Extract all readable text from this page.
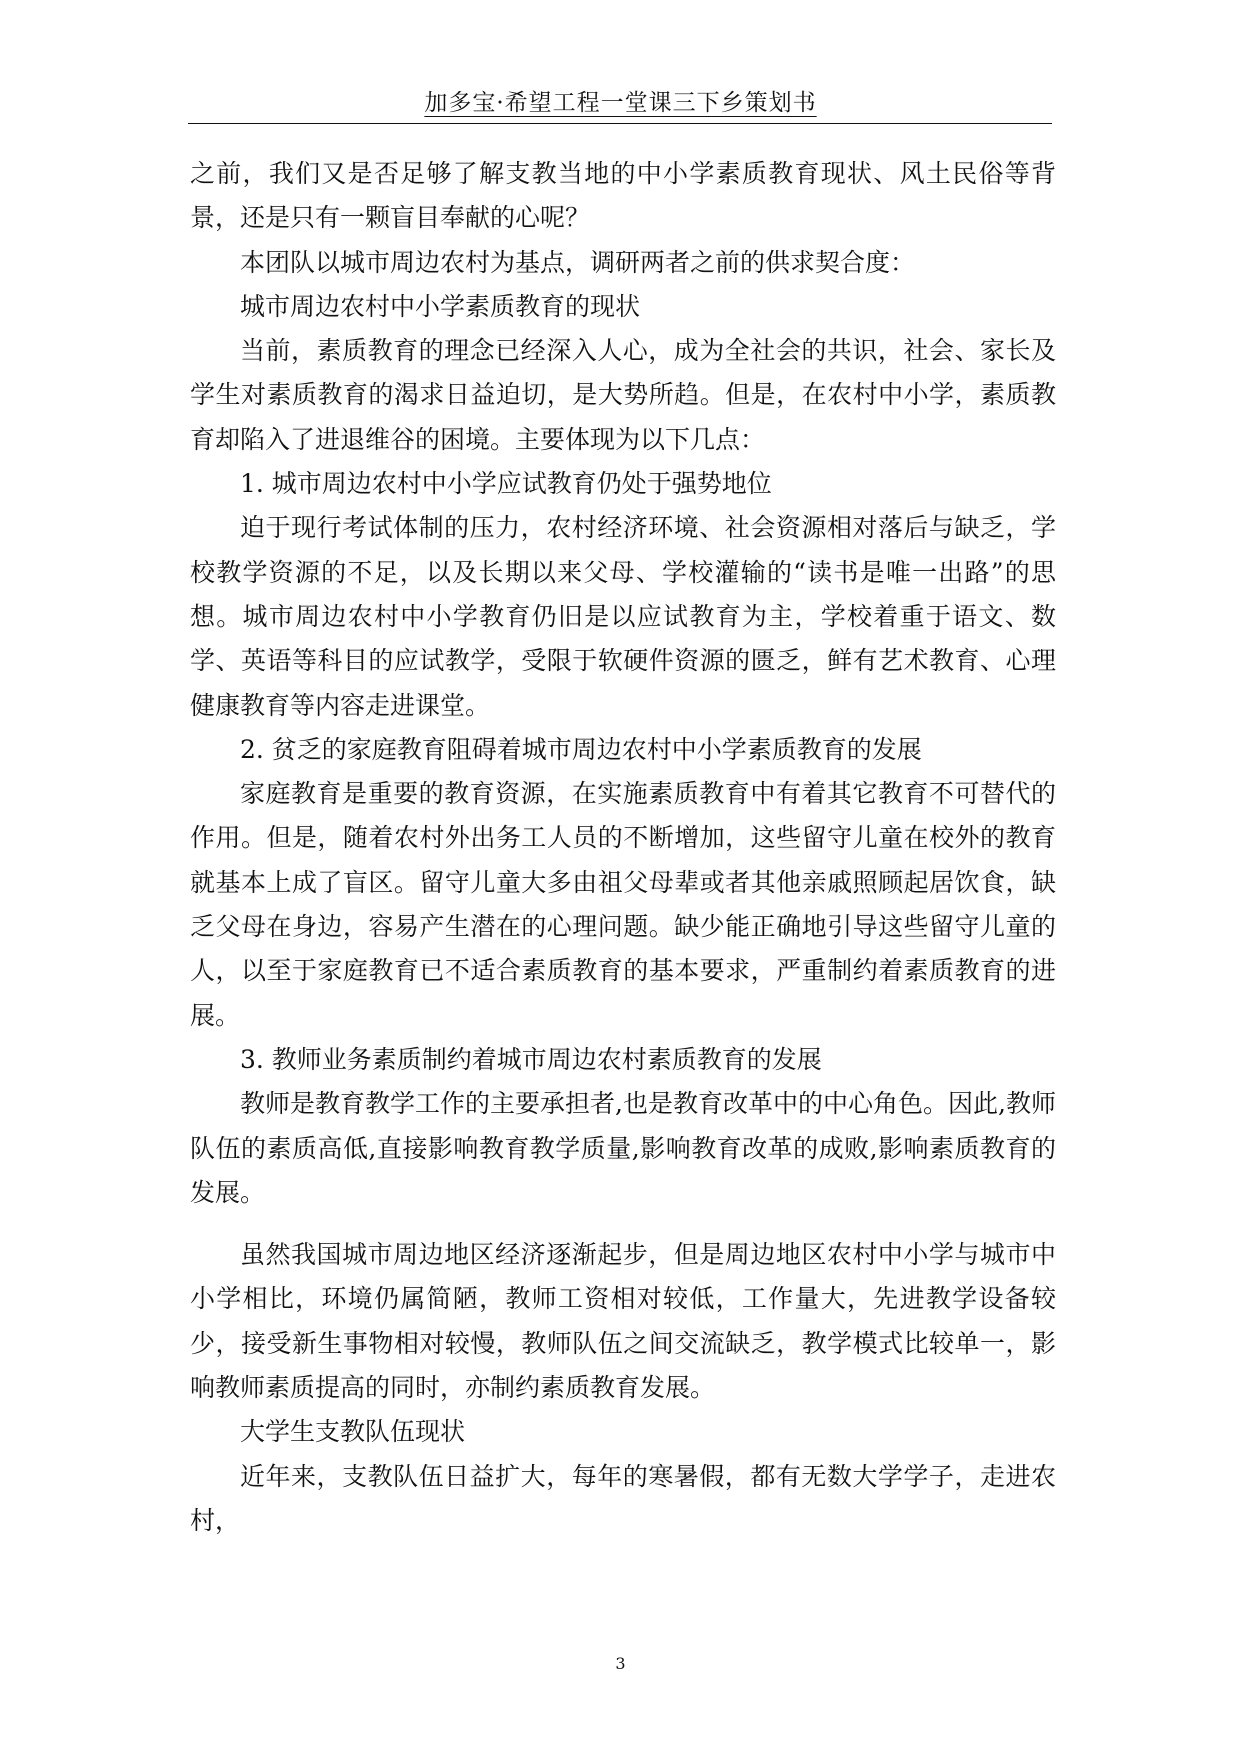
加多宝·希望工程一堂课三下乡策划书

之前，我们又是否足够了解支教当地的中小学素质教育现状、风土民俗等背景，还是只有一颗盲目奉献的心呢？

本团队以城市周边农村为基点，调研两者之前的供求契合度：

城市周边农村中小学素质教育的现状

当前，素质教育的理念已经深入人心，成为全社会的共识，社会、家长及学生对素质教育的渴求日益迫切，是大势所趋。但是，在农村中小学，素质教育却陷入了进退维谷的困境。主要体现为以下几点：

1. 城市周边农村中小学应试教育仍处于强势地位

迫于现行考试体制的压力，农村经济环境、社会资源相对落后与缺乏，学校教学资源的不足，以及长期以来父母、学校灌输的“读书是唯一出路”的思想。城市周边农村中小学教育仍旧是以应试教育为主，学校着重于语文、数学、英语等科目的应试教学，受限于软硬件资源的匮乏，鲜有艺术教育、心理健康教育等内容走进课堂。

2. 贫乏的家庭教育阻碍着城市周边农村中小学素质教育的发展

家庭教育是重要的教育资源，在实施素质教育中有着其它教育不可替代的作用。但是，随着农村外出务工人员的不断增加，这些留守儿童在校外的教育就基本上成了盲区。留守儿童大多由祖父母辈或者其他亲戚照顾起居饮食，缺乏父母在身边，容易产生潜在的心理问题。缺少能正确地引导这些留守儿童的人，以至于家庭教育已不适合素质教育的基本要求，严重制约着素质教育的进展。

3. 教师业务素质制约着城市周边农村素质教育的发展

教师是教育教学工作的主要承担者,也是教育改革中的中心角色。因此,教师队伍的素质高低,直接影响教育教学质量,影响教育改革的成败,影响素质教育的发展。

虽然我国城市周边地区经济逐渐起步，但是周边地区农村中小学与城市中小学相比，环境仍属简陋，教师工资相对较低，工作量大，先进教学设备较少，接受新生事物相对较慢，教师队伍之间交流缺乏，教学模式比较单一，影响教师素质提高的同时，亦制约素质教育发展。

大学生支教队伍现状

近年来，支教队伍日益扩大，每年的寒暑假，都有无数大学学子，走进农村，

3
